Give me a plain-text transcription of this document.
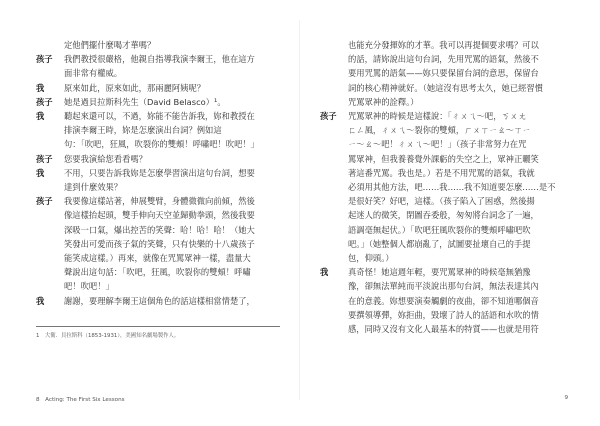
定他們擺什麼喝才華嗎？
孩子	我們教授很嚴格，他親自指導我演李爾王，他在這方
面非常有權威。
我	原來如此，原來如此，那兩麗阿姨呢？
孩子	她是過貝拉斯科先生（David Belasco）¹。
我	聽起來還可以，不過，妳能不能告訴我，妳和教授在
排演李爾王時，妳是怎麼演出台詞？例如這
句：「吹吧，狂風，吹裂你的雙頰！呼嘯吧！吹吧！」
孩子	您要我演給您看看嗎？
我	不用，只要告訴我妳是怎麼學習演出這句台詞，想要
達到什麼效果？
孩子	我要像這樣站著，伸展雙臂，身體微微向前傾，然後
像這樣抬起頭，雙手伸向天空並歸動拳頭，然後我要
深吸一口氣，爆出控苦的笑聲：哈！哈！哈！（她大
笑發出可愛而孩子氣的笑聲，只有快樂的十八歲孩子
能笑成這樣。）再來，就像在咒罵眾神一樣，盡量大
聲說出這句話：「吹吧，狂風，吹裂你的雙頰！呼嘯
吧！吹吧！」
我	謝謝，要理解李爾王這個角色的話這樣相當情楚了，
1　大衛．貝拉斯科（1853-1931），美國知名劇場製作人。
8　Acting: The First Six Lessons
也能充分發揮妳的才華。我可以再提個要求嗎？可以
的話，請妳說出這句台詞，先用咒罵的語氣，然後不
要用咒罵的語氣——妳只要保留台詞的意思，保留台
詞的核心精神就好。（她這沒有思考太久，她已經習慣
咒罵眾神的詮釋。）
孩子	咒罵眾神的時候是這樣說：「ㄔㄨㄟ～吧，ㄎㄨㄤ
ㄈㄥ風，ㄔㄨㄟ～裂你的雙頰，ㄏㄨㄒㄧㄠ～ㄒㄧ
ㄧ～ㄠ～吧！ㄔㄨㄟ～吧！」（孩子非常努力在咒
罵眾神，但我養養覺外課虧的失空之上，眾神正曬笑
著這番咒罵。我也是。）若是不用咒罵的語氣，我就
必須用其他方法，吧……我……我不知道要怎麼……是不
是很好笑？好吧，這樣。（孩子陷入了困惑，然後揚
起迷人的微笑，閉圖吞委般，匆匆將台詞念了一遍，
語調毫無起伏。）「吹吧狂風吹裂你的雙頰呼嘯吧吹
吧。」（她整個人都崩亂了，試圖要扯壞自己的手提
包，仰頭。）
我	真奇怪！她這週年輕，要咒罵眾神的時候毫無猶豫
豫，卻無法單純而平淡說出那句台詞，無法表達其內
在的意義。妳想要演奏觸劇的夜曲，卻不知道哪個音
要撰領導彈，妳拒曲，毀壞了詩人的話語和水吹的情
感，同時又沒有文化人最基本的特質——也就是用符
9
